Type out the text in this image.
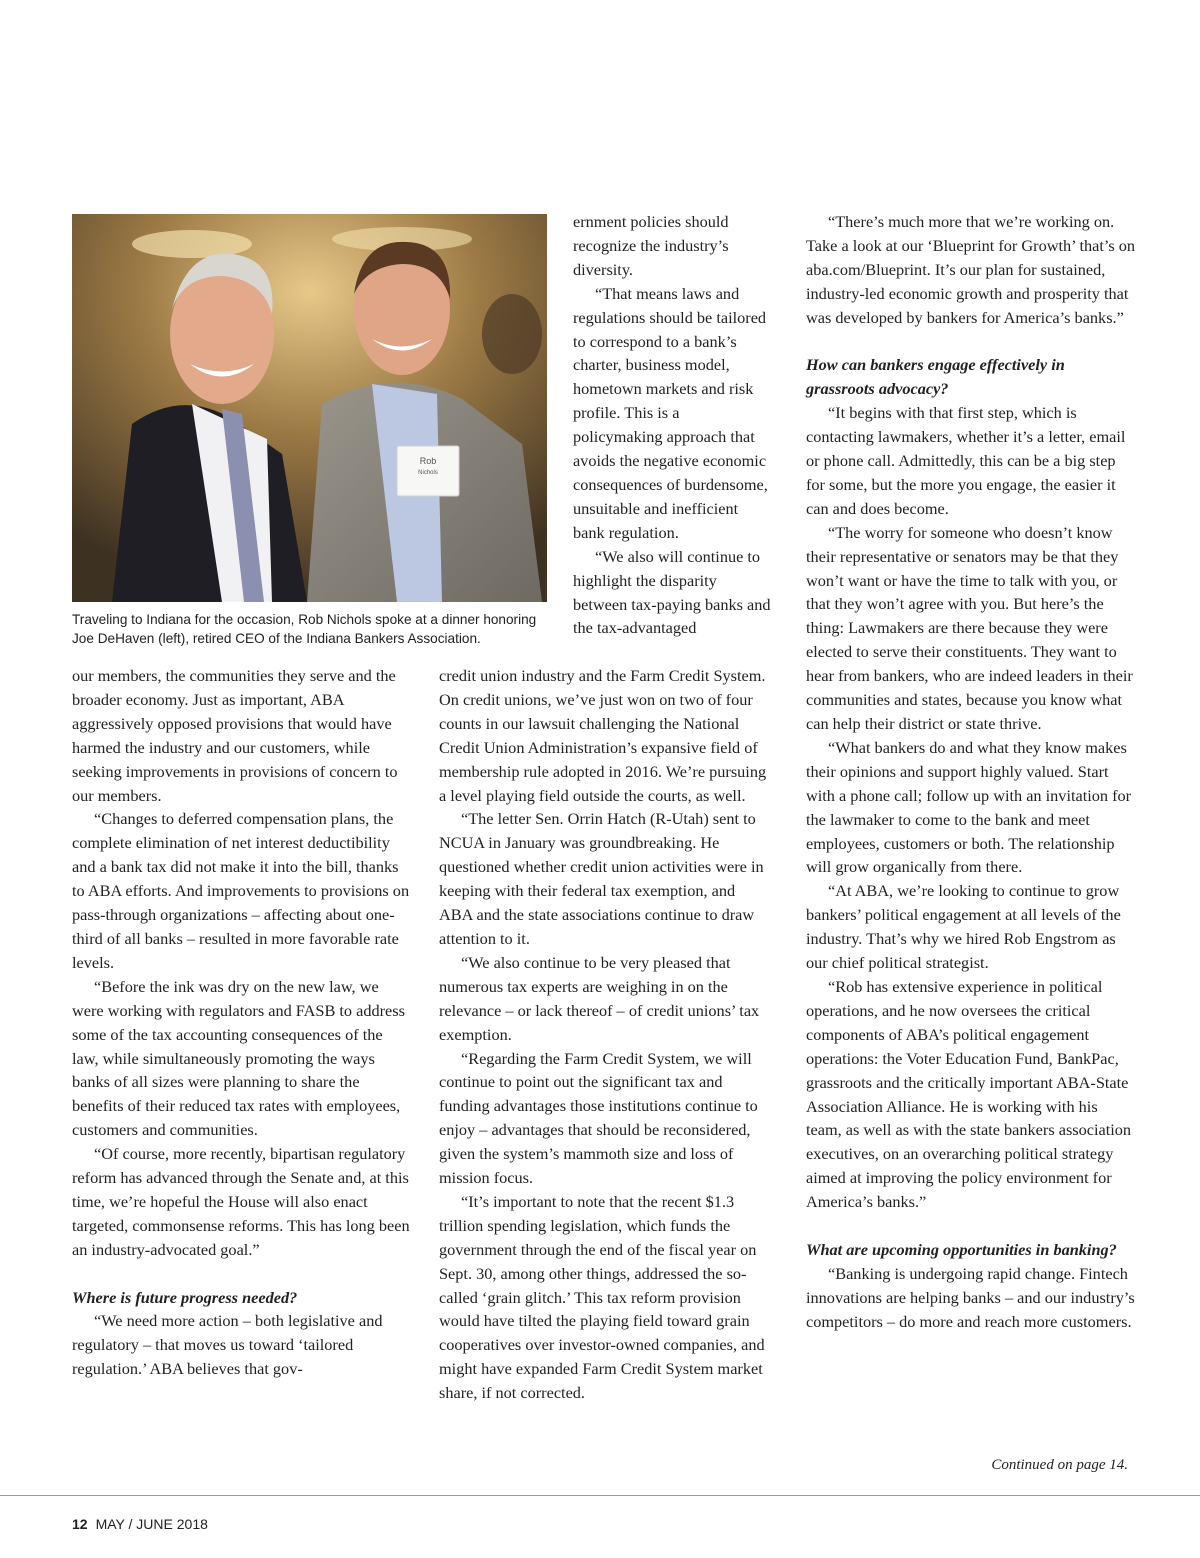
Rob
Nichols
Traveling to Indiana for the occasion, Rob Nichols spoke at a dinner honoring Joe DeHaven (left), retired CEO of the Indiana Bankers Association.

our members, the communities they serve and the broader economy. Just as important, ABA aggressively opposed provisions that would have harmed the industry and our customers, while seeking improvements in provisions of concern to our members.

“Changes to deferred compensation plans, the complete elimination of net interest deductibility and a bank tax did not make it into the bill, thanks to ABA efforts. And improvements to provisions on pass-through organizations – affecting about one-third of all banks – resulted in more favorable rate levels.

“Before the ink was dry on the new law, we were working with regulators and FASB to address some of the tax accounting consequences of the law, while simultaneously promoting the ways banks of all sizes were planning to share the benefits of their reduced tax rates with employees, customers and communities.

“Of course, more recently, bipartisan regulatory reform has advanced through the Senate and, at this time, we’re hopeful the House will also enact targeted, commonsense reforms. This has long been an industry-advocated goal.”

Where is future progress needed?

“We need more action – both legislative and regulatory – that moves us toward ‘tailored regulation.’ ABA believes that gov-

ernment policies should recognize the industry’s diversity.

“That means laws and regulations should be tailored to correspond to a bank’s charter, business model, hometown markets and risk profile. This is a policymaking approach that avoids the negative economic consequences of burdensome, unsuitable and inefficient bank regulation.

“We also will continue to highlight the disparity between tax-paying banks and the tax-advantaged

credit union industry and the Farm Credit System. On credit unions, we’ve just won on two of four counts in our lawsuit challenging the National Credit Union Administration’s expansive field of membership rule adopted in 2016. We’re pursuing a level playing field outside the courts, as well.

“The letter Sen. Orrin Hatch (R-Utah) sent to NCUA in January was groundbreaking. He questioned whether credit union activities were in keeping with their federal tax exemption, and ABA and the state associations continue to draw attention to it.

“We also continue to be very pleased that numerous tax experts are weighing in on the relevance – or lack thereof – of credit unions’ tax exemption.

“Regarding the Farm Credit System, we will continue to point out the significant tax and funding advantages those institutions continue to enjoy – advantages that should be reconsidered, given the system’s mammoth size and loss of mission focus.

“It’s important to note that the recent $1.3 trillion spending legislation, which funds the government through the end of the fiscal year on Sept. 30, among other things, addressed the so-called ‘grain glitch.’ This tax reform provision would have tilted the playing field toward grain cooperatives over investor-owned companies, and might have expanded Farm Credit System market share, if not corrected.

“There’s much more that we’re working on. Take a look at our ‘Blueprint for Growth’ that’s on aba.com/Blueprint. It’s our plan for sustained, industry-led economic growth and prosperity that was developed by bankers for America’s banks.”

How can bankers engage effectively in grassroots advocacy?

“It begins with that first step, which is contacting lawmakers, whether it’s a letter, email or phone call. Admittedly, this can be a big step for some, but the more you engage, the easier it can and does become.

“The worry for someone who doesn’t know their representative or senators may be that they won’t want or have the time to talk with you, or that they won’t agree with you. But here’s the thing: Lawmakers are there because they were elected to serve their constituents. They want to hear from bankers, who are indeed leaders in their communities and states, because you know what can help their district or state thrive.

“What bankers do and what they know makes their opinions and support highly valued. Start with a phone call; follow up with an invitation for the lawmaker to come to the bank and meet employees, customers or both. The relationship will grow organically from there.

“At ABA, we’re looking to continue to grow bankers’ political engagement at all levels of the industry. That’s why we hired Rob Engstrom as our chief political strategist.

“Rob has extensive experience in political operations, and he now oversees the critical components of ABA’s political engagement operations: the Voter Education Fund, BankPac, grassroots and the critically important ABA-State Association Alliance. He is working with his team, as well as with the state bankers association executives, on an overarching political strategy aimed at improving the policy environment for America’s banks.”

What are upcoming opportunities in banking?

“Banking is undergoing rapid change. Fintech innovations are helping banks – and our industry’s competitors – do more and reach more customers.

Continued on page 14.
12 MAY / JUNE 2018
